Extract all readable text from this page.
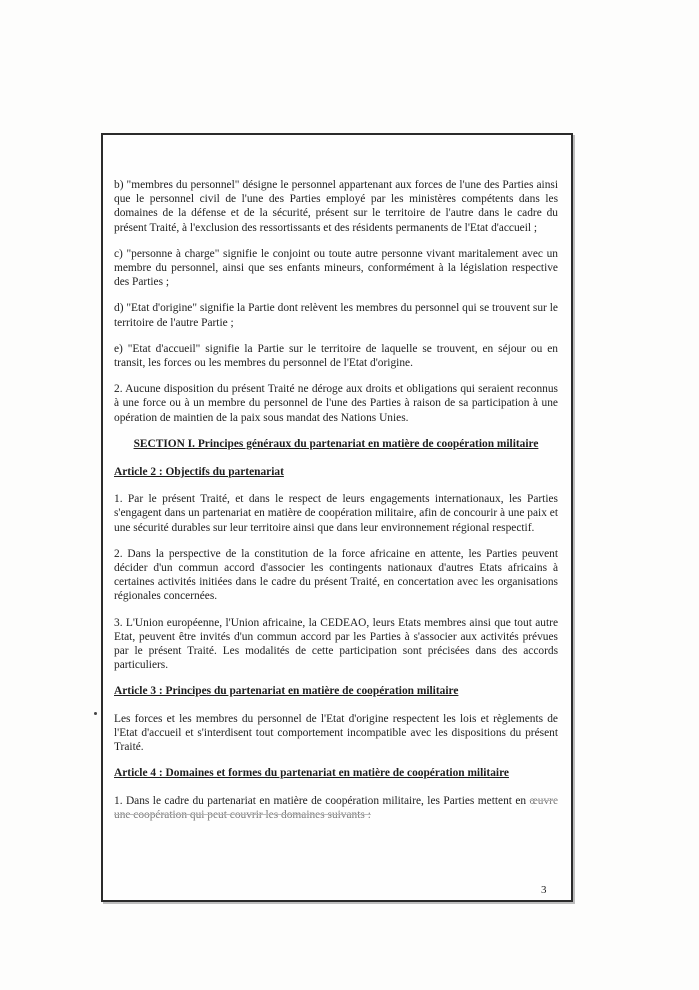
b) "membres du personnel" désigne le personnel appartenant aux forces de l'une des Parties ainsi que le personnel civil de l'une des Parties employé par les ministères compétents dans les domaines de la défense et de la sécurité, présent sur le territoire de l'autre dans le cadre du présent Traité, à l'exclusion des ressortissants et des résidents permanents de l'Etat d'accueil ;

c) "personne à charge" signifie le conjoint ou toute autre personne vivant maritalement avec un membre du personnel, ainsi que ses enfants mineurs, conformément à la législation respective des Parties ;

d) "Etat d'origine" signifie la Partie dont relèvent les membres du personnel qui se trouvent sur le territoire de l'autre Partie ;

e) "Etat d'accueil" signifie la Partie sur le territoire de laquelle se trouvent, en séjour ou en transit, les forces ou les membres du personnel de l'Etat d'origine.

2. Aucune disposition du présent Traité ne déroge aux droits et obligations qui seraient reconnus à une force ou à un membre du personnel de l'une des Parties à raison de sa participation à une opération de maintien de la paix sous mandat des Nations Unies.

SECTION I. Principes généraux du partenariat en matière de coopération militaire
Article 2 : Objectifs du partenariat

1. Par le présent Traité, et dans le respect de leurs engagements internationaux, les Parties s'engagent dans un partenariat en matière de coopération militaire, afin de concourir à une paix et une sécurité durables sur leur territoire ainsi que dans leur environnement régional respectif.

2. Dans la perspective de la constitution de la force africaine en attente, les Parties peuvent décider d'un commun accord d'associer les contingents nationaux d'autres Etats africains à certaines activités initiées dans le cadre du présent Traité, en concertation avec les organisations régionales concernées.

3. L'Union européenne, l'Union africaine, la CEDEAO, leurs Etats membres ainsi que tout autre Etat, peuvent être invités d'un commun accord par les Parties à s'associer aux activités prévues par le présent Traité. Les modalités de cette participation sont précisées dans des accords particuliers.

Article 3 : Principes du partenariat en matière de coopération militaire

Les forces et les membres du personnel de l'Etat d'origine respectent les lois et règlements de l'Etat d'accueil et s'interdisent tout comportement incompatible avec les dispositions du présent Traité.

Article 4 : Domaines et formes du partenariat en matière de coopération militaire

1. Dans le cadre du partenariat en matière de coopération militaire, les Parties mettent en œuvre une coopération qui peut couvrir les domaines suivants :

3
